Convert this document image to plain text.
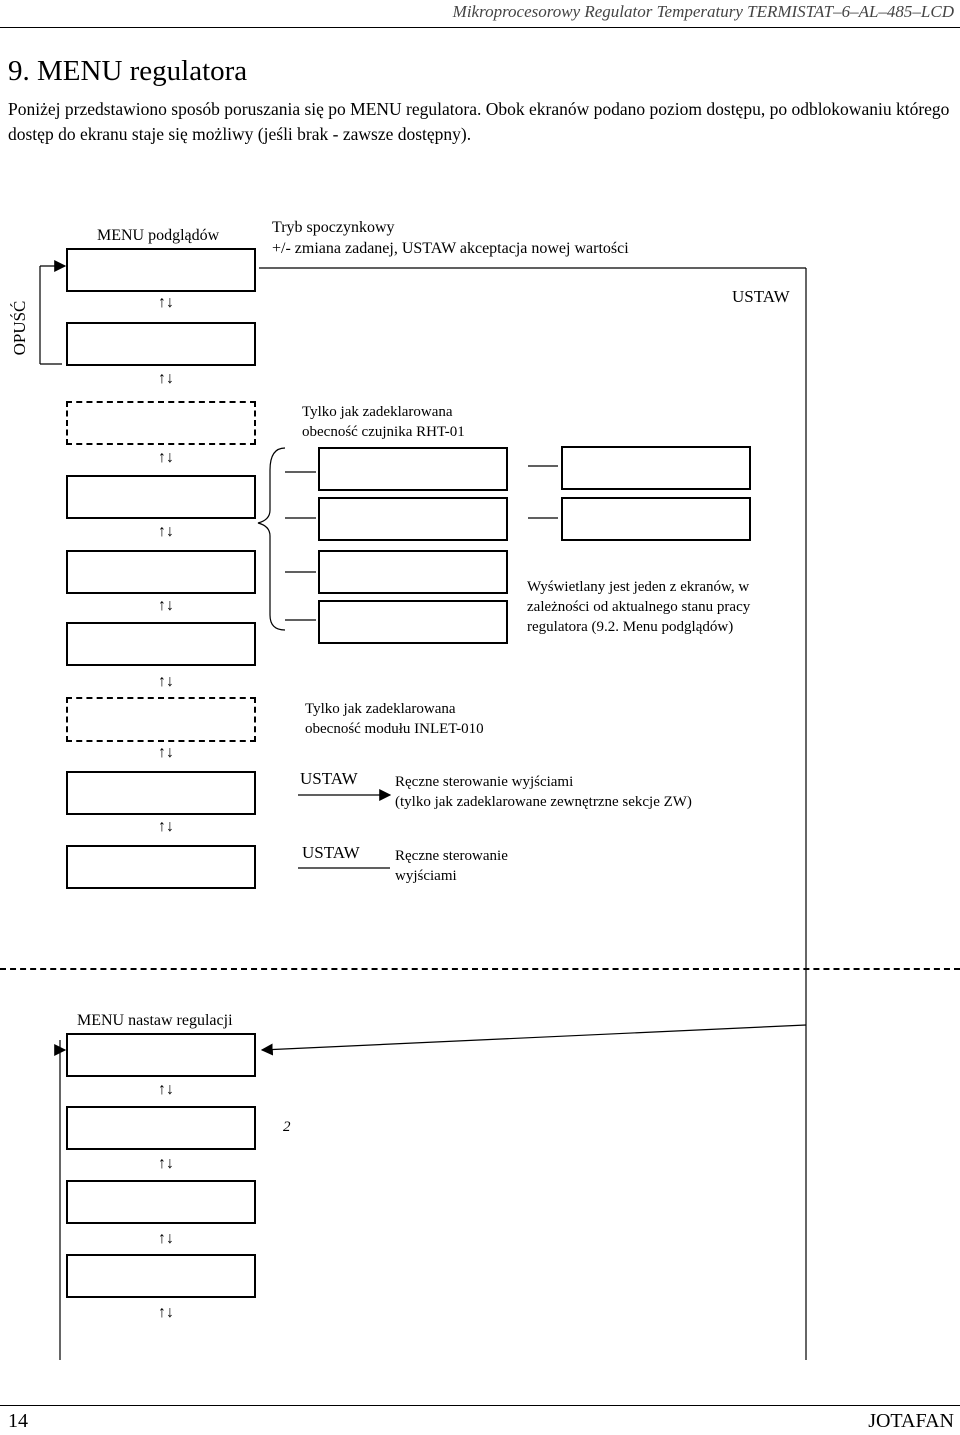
Mikroprocesorowy Regulator Temperatury TERMISTAT–6–AL–485–LCD
9. MENU regulatora
Poniżej przedstawiono sposób poruszania się po MENU regulatora. Obok ekranów podano poziom dostępu, po odblokowaniu którego dostęp do ekranu staje się możliwy (jeśli brak - zawsze dostępny).
OPUŚĆ
MENU podglądów

↑↓

↑↓

↑↓

↑↓

↑↓

↑↓

↑↓

↑↓

Tryb spoczynkowy
+/- zmiana zadanej, USTAW akceptacja nowej wartości
USTAW
Tylko jak zadeklarowana
obecność czujnika RHT-01

Wyświetlany jest jeden z ekranów, w
zależności od aktualnego stanu pracy
regulatora (9.2. Menu podglądów)
Tylko jak zadeklarowana
obecność modułu INLET-010
USTAW Ręczne sterowanie wyjściami
(tylko jak zadeklarowane zewnętrzne sekcje ZW)
USTAW Ręczne sterowanie
wyjściami
MENU nastaw regulacji

↑↓

2
↑↓

↑↓

↑↓
14	JOTAFAN
